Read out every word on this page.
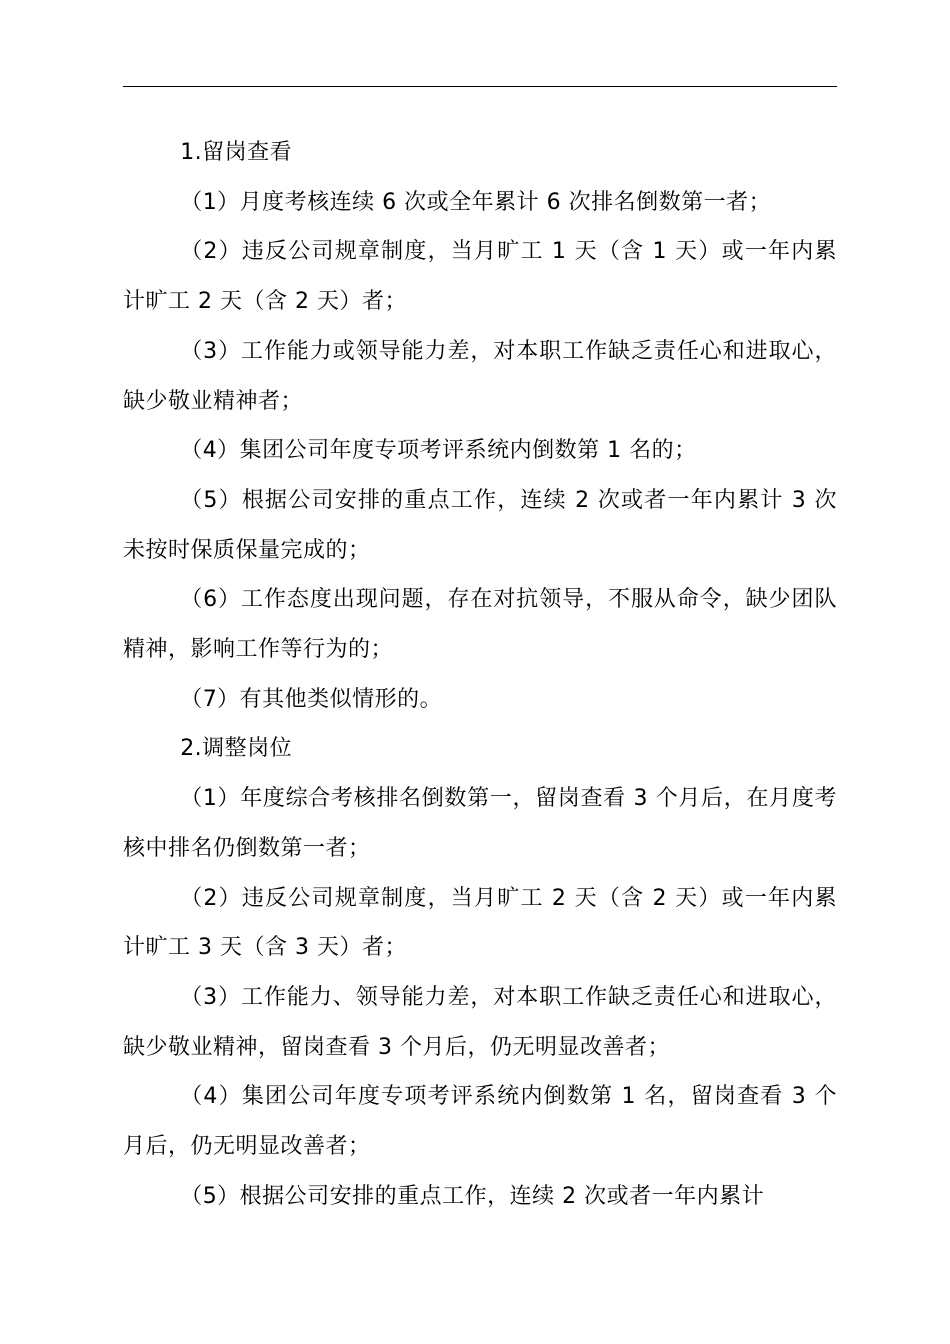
1.留岗查看

（1）月度考核连续 6 次或全年累计 6 次排名倒数第一者；

（2）违反公司规章制度，当月旷工 1 天（含 1 天）或一年内累计旷工 2 天（含 2 天）者；

（3）工作能力或领导能力差，对本职工作缺乏责任心和进取心，缺少敬业精神者；

（4）集团公司年度专项考评系统内倒数第 1 名的；

（5）根据公司安排的重点工作，连续 2 次或者一年内累计 3 次未按时保质保量完成的；

（6）工作态度出现问题，存在对抗领导，不服从命令，缺少团队精神，影响工作等行为的；

（7）有其他类似情形的。

2.调整岗位

（1）年度综合考核排名倒数第一，留岗查看 3 个月后，在月度考核中排名仍倒数第一者；

（2）违反公司规章制度，当月旷工 2 天（含 2 天）或一年内累计旷工 3 天（含 3 天）者；

（3）工作能力、领导能力差，对本职工作缺乏责任心和进取心，缺少敬业精神，留岗查看 3 个月后，仍无明显改善者；

（4）集团公司年度专项考评系统内倒数第 1 名，留岗查看 3 个月后，仍无明显改善者；

（5）根据公司安排的重点工作，连续 2 次或者一年内累计
